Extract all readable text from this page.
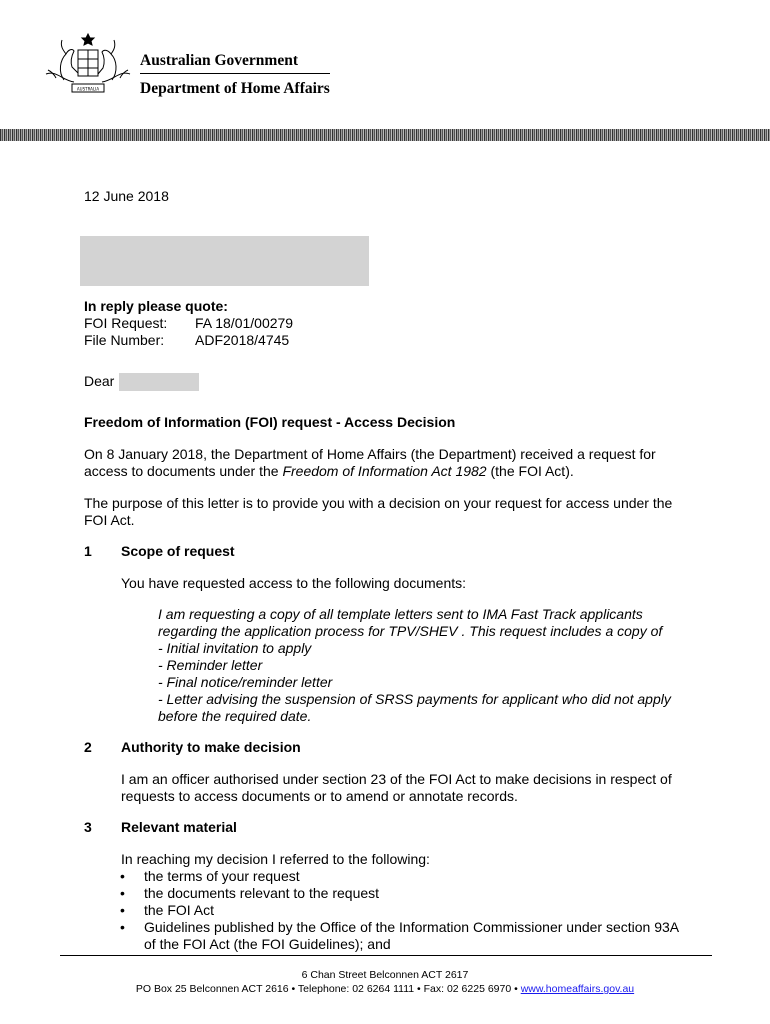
AUSTRALIA
Australian Government
Department of Home Affairs
12 June 2018
In reply please quote:
FOI Request: FA 18/01/00279
File Number: ADF2018/4745
Dear
Freedom of Information (FOI) request - Access Decision
On 8 January 2018, the Department of Home Affairs (the Department) received a request for
access to documents under the Freedom of Information Act 1982 (the FOI Act).
The purpose of this letter is to provide you with a decision on your request for access under the
FOI Act.
1 Scope of request
You have requested access to the following documents:
I am requesting a copy of all template letters sent to IMA Fast Track applicants
regarding the application process for TPV/SHEV . This request includes a copy of
- Initial invitation to apply
- Reminder letter
- Final notice/reminder letter
- Letter advising the suspension of SRSS payments for applicant who did not apply
before the required date.
2 Authority to make decision
I am an officer authorised under section 23 of the FOI Act to make decisions in respect of
requests to access documents or to amend or annotate records.
3 Relevant material
In reaching my decision I referred to the following:
• the terms of your request
• the documents relevant to the request
• the FOI Act
• Guidelines published by the Office of the Information Commissioner under section 93A
of the FOI Act (the FOI Guidelines); and
6 Chan Street Belconnen ACT 2617
PO Box 25 Belconnen ACT 2616 • Telephone: 02 6264 1111 • Fax: 02 6225 6970 • www.homeaffairs.gov.au
